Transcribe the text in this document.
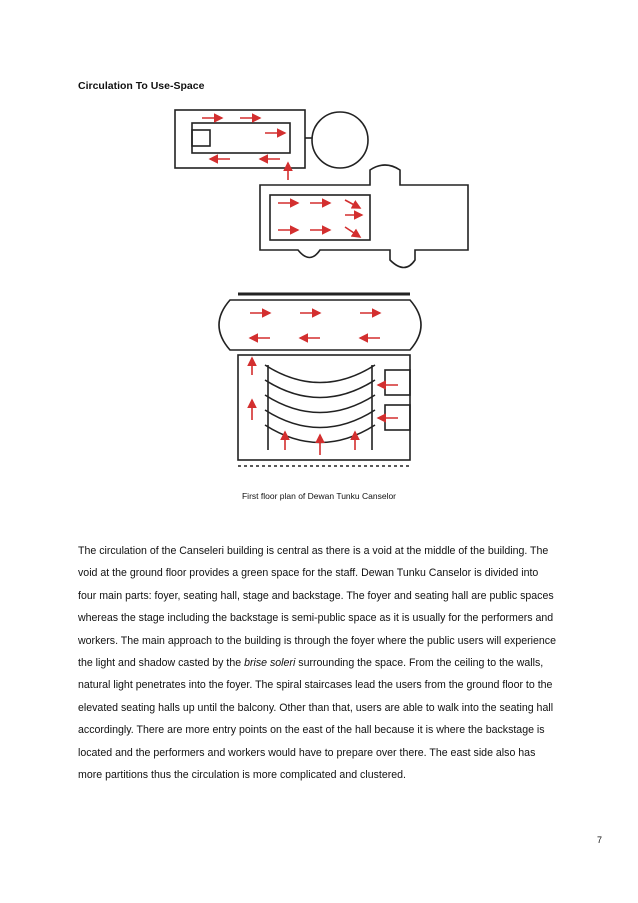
Circulation To Use-Space
First floor plan of Dewan Tunku Canselor

The circulation of the Canseleri building is central as there is a void at the middle of the building. The void at the ground floor provides a green space for the staff. Dewan Tunku Canselor is divided into four main parts: foyer, seating hall, stage and backstage. The foyer and seating hall are public spaces whereas the stage including the backstage is semi-public space as it is usually for the performers and workers. The main approach to the building is through the foyer where the public users will experience the light and shadow casted by the brise soleri surrounding the space. From the ceiling to the walls, natural light penetrates into the foyer. The spiral staircases lead the users from the ground floor to the elevated seating halls up until the balcony. Other than that, users are able to walk into the seating hall accordingly. There are more entry points on the east of the hall because it is where the backstage is located and the performers and workers would have to prepare over there. The east side also has more partitions thus the circulation is more complicated and clustered.

7
